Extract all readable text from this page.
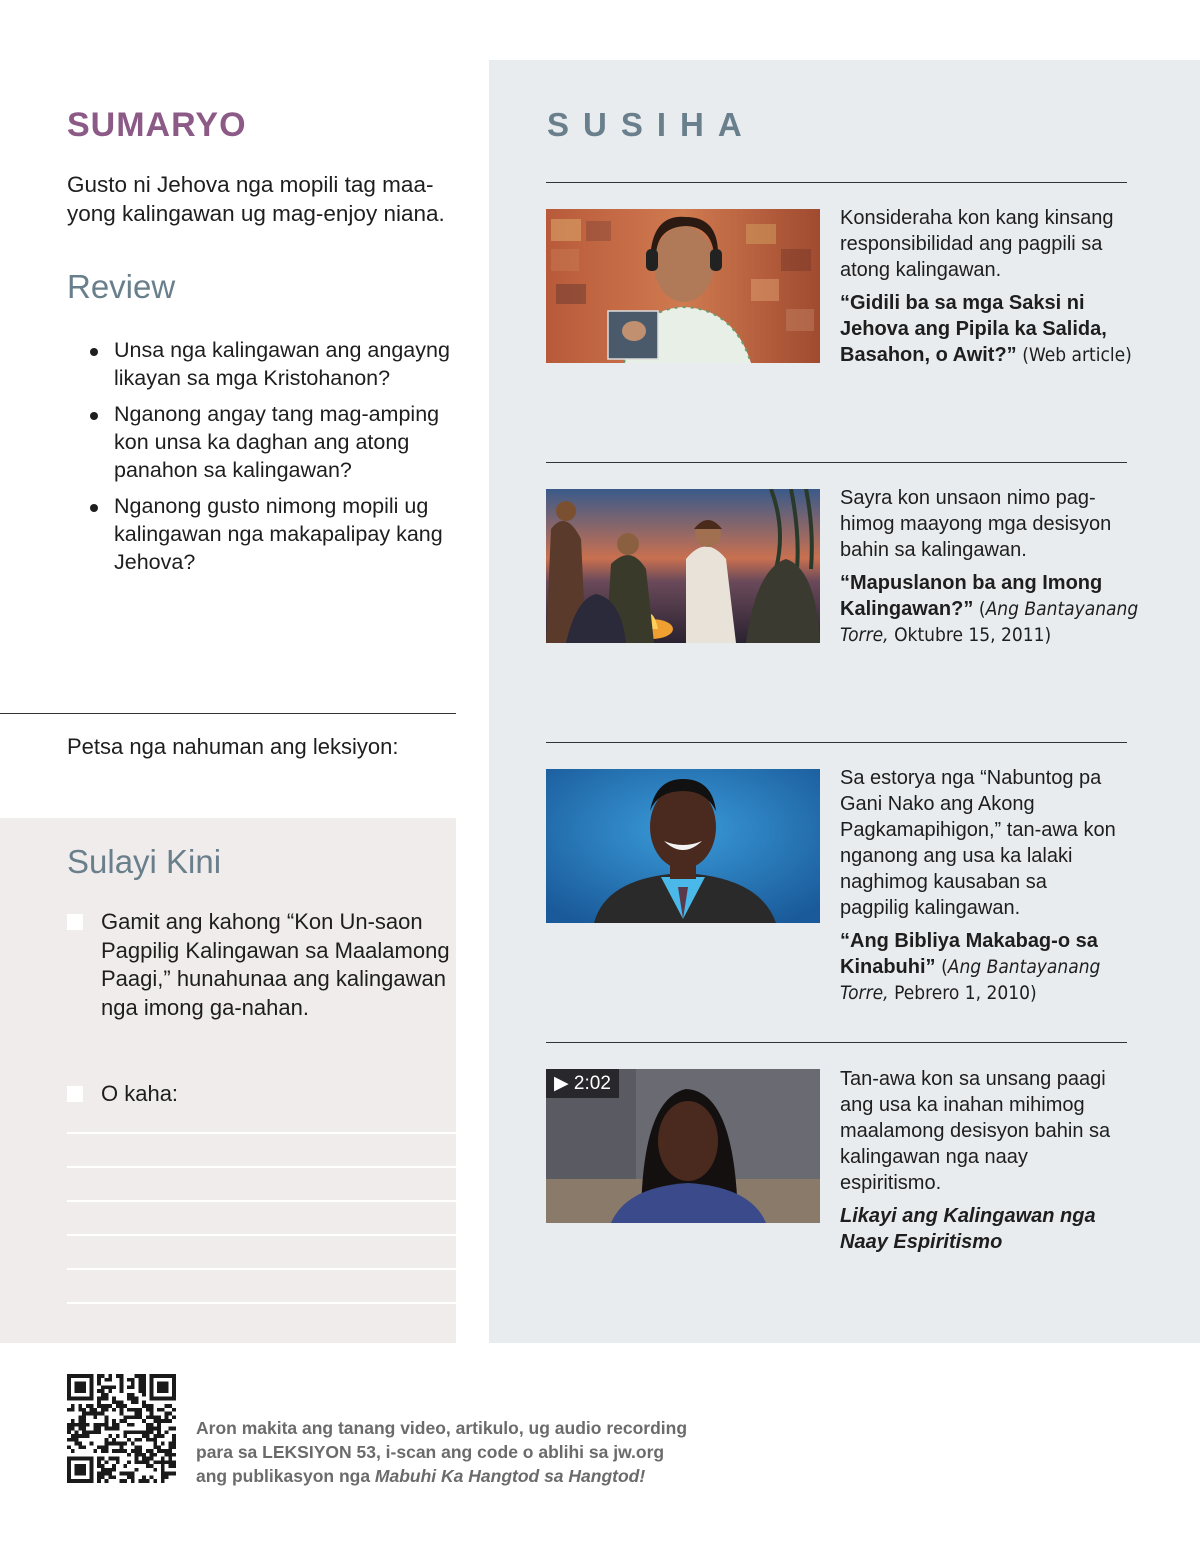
SUMARYO
Gusto ni Jehova nga mopili tag maa-yong kalingawan ug mag-enjoy niana.
Review
Unsa nga kalingawan ang angayng likayan sa mga Kristohanon?
Nganong angay tang mag-amping kon unsa ka daghan ang atong panahon sa kalingawan?
Nganong gusto nimong mopili ug kalingawan nga makapalipay kang Jehova?
Petsa nga nahuman ang leksiyon:
Sulayi Kini
Gamit ang kahong “Kon Un-saon Pagpilig Kalingawan sa Maalamong Paagi,” hunahunaa ang kalingawan nga imong ga-nahan.
O kaha:
SUSIHA

Konsideraha kon kang kinsang responsibilidad ang pagpili sa atong kalingawan.

“Gidili ba sa mga Saksi ni Jehova ang Pipila ka Salida, Basahon, o Awit?” (Web article)

Sayra kon unsaon nimo pag-himog maayong mga desisyon bahin sa kalingawan.

“Mapuslanon ba ang Imong Kalingawan?” (Ang Bantayanang Torre, Oktubre 15, 2011)

Sa estorya nga “Nabuntog pa Gani Nako ang Akong Pagkamapihigon,” tan-awa kon nganong ang usa ka lalaki naghimog kausaban sa pagpilig kalingawan.

“Ang Bibliya Makabag-o sa Kinabuhi” (Ang Bantayanang Torre, Pebrero 1, 2010)

▶ 2:02	Tan-awa kon sa unsang paagi ang usa ka inahan mihimog maalamong desisyon bahin sa kalingawan nga naay espiritismo.

Likayi ang Kalingawan nga Naay Espiritismo

Aron makita ang tanang video, artikulo, ug audio recording
para sa LEKSIYON 53, i-scan ang code o ablihi sa jw.org
ang publikasyon nga Mabuhi Ka Hangtod sa Hangtod!
